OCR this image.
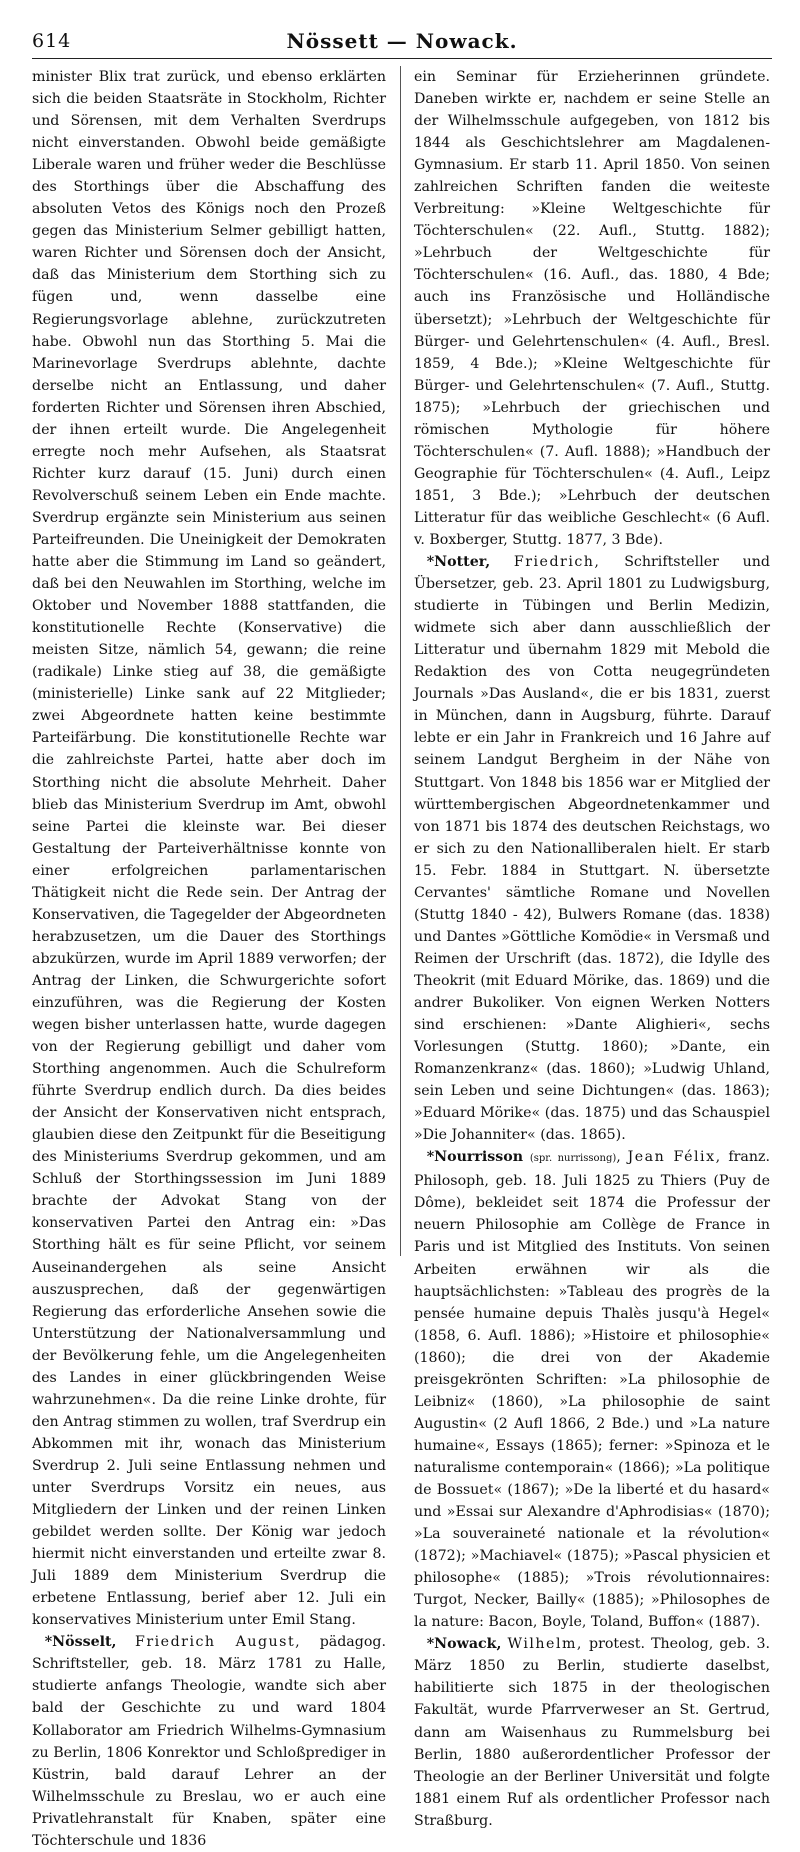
614	Nössett — Nowack.

minister Blix trat zurück, und ebenso erklärten sich die beiden Staatsräte in Stockholm, Richter und Sörensen, mit dem Verhalten Sverdrups nicht einverstanden. Obwohl beide gemäßigte Liberale waren und früher weder die Beschlüsse des Storthings über die Abschaffung des absoluten Vetos des Königs noch den Prozeß gegen das Ministerium Selmer gebilligt hatten, waren Richter und Sörensen doch der Ansicht, daß das Ministerium dem Storthing sich zu fügen und, wenn dasselbe eine Regierungsvorlage ablehne, zurückzutreten habe. Obwohl nun das Storthing 5. Mai die Marinevorlage Sverdrups ablehnte, dachte derselbe nicht an Entlassung, und daher forderten Richter und Sörensen ihren Abschied, der ihnen erteilt wurde. Die Angelegenheit erregte noch mehr Aufsehen, als Staatsrat Richter kurz darauf (15. Juni) durch einen Revolverschuß seinem Leben ein Ende machte. Sverdrup ergänzte sein Ministerium aus seinen Parteifreunden. Die Uneinigkeit der Demokraten hatte aber die Stimmung im Land so geändert, daß bei den Neuwahlen im Storthing, welche im Oktober und November 1888 stattfanden, die konstitutionelle Rechte (Konservative) die meisten Sitze, nämlich 54, gewann; die reine (radikale) Linke stieg auf 38, die gemäßigte (ministerielle) Linke sank auf 22 Mitglieder; zwei Abgeordnete hatten keine bestimmte Parteifärbung. Die konstitutionelle Rechte war die zahlreichste Partei, hatte aber doch im Storthing nicht die absolute Mehrheit. Daher blieb das Ministerium Sverdrup im Amt, obwohl seine Partei die kleinste war. Bei dieser Gestaltung der Parteiverhältnisse konnte von einer erfolgreichen parlamentarischen Thätigkeit nicht die Rede sein. Der Antrag der Konservativen, die Tagegelder der Abgeordneten herabzusetzen, um die Dauer des Storthings abzukürzen, wurde im April 1889 verworfen; der Antrag der Linken, die Schwurgerichte sofort einzuführen, was die Regierung der Kosten wegen bisher unterlassen hatte, wurde dagegen von der Regierung gebilligt und daher vom Storthing angenommen. Auch die Schulreform führte Sverdrup endlich durch. Da dies beides der Ansicht der Konservativen nicht entsprach, glaubien diese den Zeitpunkt für die Beseitigung des Ministeriums Sverdrup gekommen, und am Schluß der Storthingssession im Juni 1889 brachte der Advokat Stang von der konservativen Partei den Antrag ein: »Das Storthing hält es für seine Pflicht, vor seinem Auseinandergehen als seine Ansicht auszusprechen, daß der gegenwärtigen Regierung das erforderliche Ansehen sowie die Unterstützung der Nationalversammlung und der Bevölkerung fehle, um die Angelegenheiten des Landes in einer glückbringenden Weise wahrzunehmen«. Da die reine Linke drohte, für den Antrag stimmen zu wollen, traf Sverdrup ein Abkommen mit ihr, wonach das Ministerium Sverdrup 2. Juli seine Entlassung nehmen und unter Sverdrups Vorsitz ein neues, aus Mitgliedern der Linken und der reinen Linken gebildet werden sollte. Der König war jedoch hiermit nicht einverstanden und erteilte zwar 8. Juli 1889 dem Ministerium Sverdrup die erbetene Entlassung, berief aber 12. Juli ein konservatives Ministerium unter Emil Stang.

*Nösselt, Friedrich August, pädagog. Schriftsteller, geb. 18. März 1781 zu Halle, studierte anfangs Theologie, wandte sich aber bald der Geschichte zu und ward 1804 Kollaborator am Friedrich Wilhelms-Gymnasium zu Berlin, 1806 Konrektor und Schloßprediger in Küstrin, bald darauf Lehrer an der Wilhelmsschule zu Breslau, wo er auch eine Privatlehranstalt für Knaben, später eine Töchterschule und 1836

ein Seminar für Erzieherinnen gründete. Daneben wirkte er, nachdem er seine Stelle an der Wilhelmsschule aufgegeben, von 1812 bis 1844 als Geschichtslehrer am Magdalenen-Gymnasium. Er starb 11. April 1850. Von seinen zahlreichen Schriften fanden die weiteste Verbreitung: »Kleine Weltgeschichte für Töchterschulen« (22. Aufl., Stuttg. 1882); »Lehrbuch der Weltgeschichte für Töchterschulen« (16. Aufl., das. 1880, 4 Bde; auch ins Französische und Holländische übersetzt); »Lehrbuch der Weltgeschichte für Bürger- und Gelehrtenschulen« (4. Aufl., Bresl. 1859, 4 Bde.); »Kleine Weltgeschichte für Bürger- und Gelehrtenschulen« (7. Aufl., Stuttg. 1875); »Lehrbuch der griechischen und römischen Mythologie für höhere Töchterschulen« (7. Aufl. 1888); »Handbuch der Geographie für Töchterschulen« (4. Aufl., Leipz 1851, 3 Bde.); »Lehrbuch der deutschen Litteratur für das weibliche Geschlecht« (6 Aufl. v. Boxberger, Stuttg. 1877, 3 Bde).

*Notter, Friedrich, Schriftsteller und Übersetzer, geb. 23. April 1801 zu Ludwigsburg, studierte in Tübingen und Berlin Medizin, widmete sich aber dann ausschließlich der Litteratur und übernahm 1829 mit Mebold die Redaktion des von Cotta neugegründeten Journals »Das Ausland«, die er bis 1831, zuerst in München, dann in Augsburg, führte. Darauf lebte er ein Jahr in Frankreich und 16 Jahre auf seinem Landgut Bergheim in der Nähe von Stuttgart. Von 1848 bis 1856 war er Mitglied der württembergischen Abgeordnetenkammer und von 1871 bis 1874 des deutschen Reichstags, wo er sich zu den Nationalliberalen hielt. Er starb 15. Febr. 1884 in Stuttgart. N. übersetzte Cervantes' sämtliche Romane und Novellen (Stuttg 1840 - 42), Bulwers Romane (das. 1838) und Dantes »Göttliche Komödie« in Versmaß und Reimen der Urschrift (das. 1872), die Idylle des Theokrit (mit Eduard Mörike, das. 1869) und die andrer Bukoliker. Von eignen Werken Notters sind erschienen: »Dante Alighieri«, sechs Vorlesungen (Stuttg. 1860); »Dante, ein Romanzenkranz« (das. 1860); »Ludwig Uhland, sein Leben und seine Dichtungen« (das. 1863); »Eduard Mörike« (das. 1875) und das Schauspiel »Die Johanniter« (das. 1865).

*Nourrisson (spr. nurrissong), Jean Félix, franz. Philosoph, geb. 18. Juli 1825 zu Thiers (Puy de Dôme), bekleidet seit 1874 die Professur der neuern Philosophie am Collège de France in Paris und ist Mitglied des Instituts. Von seinen Arbeiten erwähnen wir als die hauptsächlichsten: »Tableau des progrès de la pensée humaine depuis Thalès jusqu'à Hegel« (1858, 6. Aufl. 1886); »Histoire et philosophie« (1860); die drei von der Akademie preisgekrönten Schriften: »La philosophie de Leibniz« (1860), »La philosophie de saint Augustin« (2 Aufl 1866, 2 Bde.) und »La nature humaine«, Essays (1865); ferner: »Spinoza et le naturalisme contemporain« (1866); »La politique de Bossuet« (1867); »De la liberté et du hasard« und »Essai sur Alexandre d'Aphrodisias« (1870); »La souveraineté nationale et la révolution« (1872); »Machiavel« (1875); »Pascal physicien et philosophe« (1885); »Trois révolutionnaires: Turgot, Necker, Bailly« (1885); »Philosophes de la nature: Bacon, Boyle, Toland, Buffon« (1887).

*Nowack, Wilhelm, protest. Theolog, geb. 3. März 1850 zu Berlin, studierte daselbst, habilitierte sich 1875 in der theologischen Fakultät, wurde Pfarrverweser an St. Gertrud, dann am Waisenhaus zu Rummelsburg bei Berlin, 1880 außerordentlicher Professor der Theologie an der Berliner Universität und folgte 1881 einem Ruf als ordentlicher Professor nach Straßburg.
